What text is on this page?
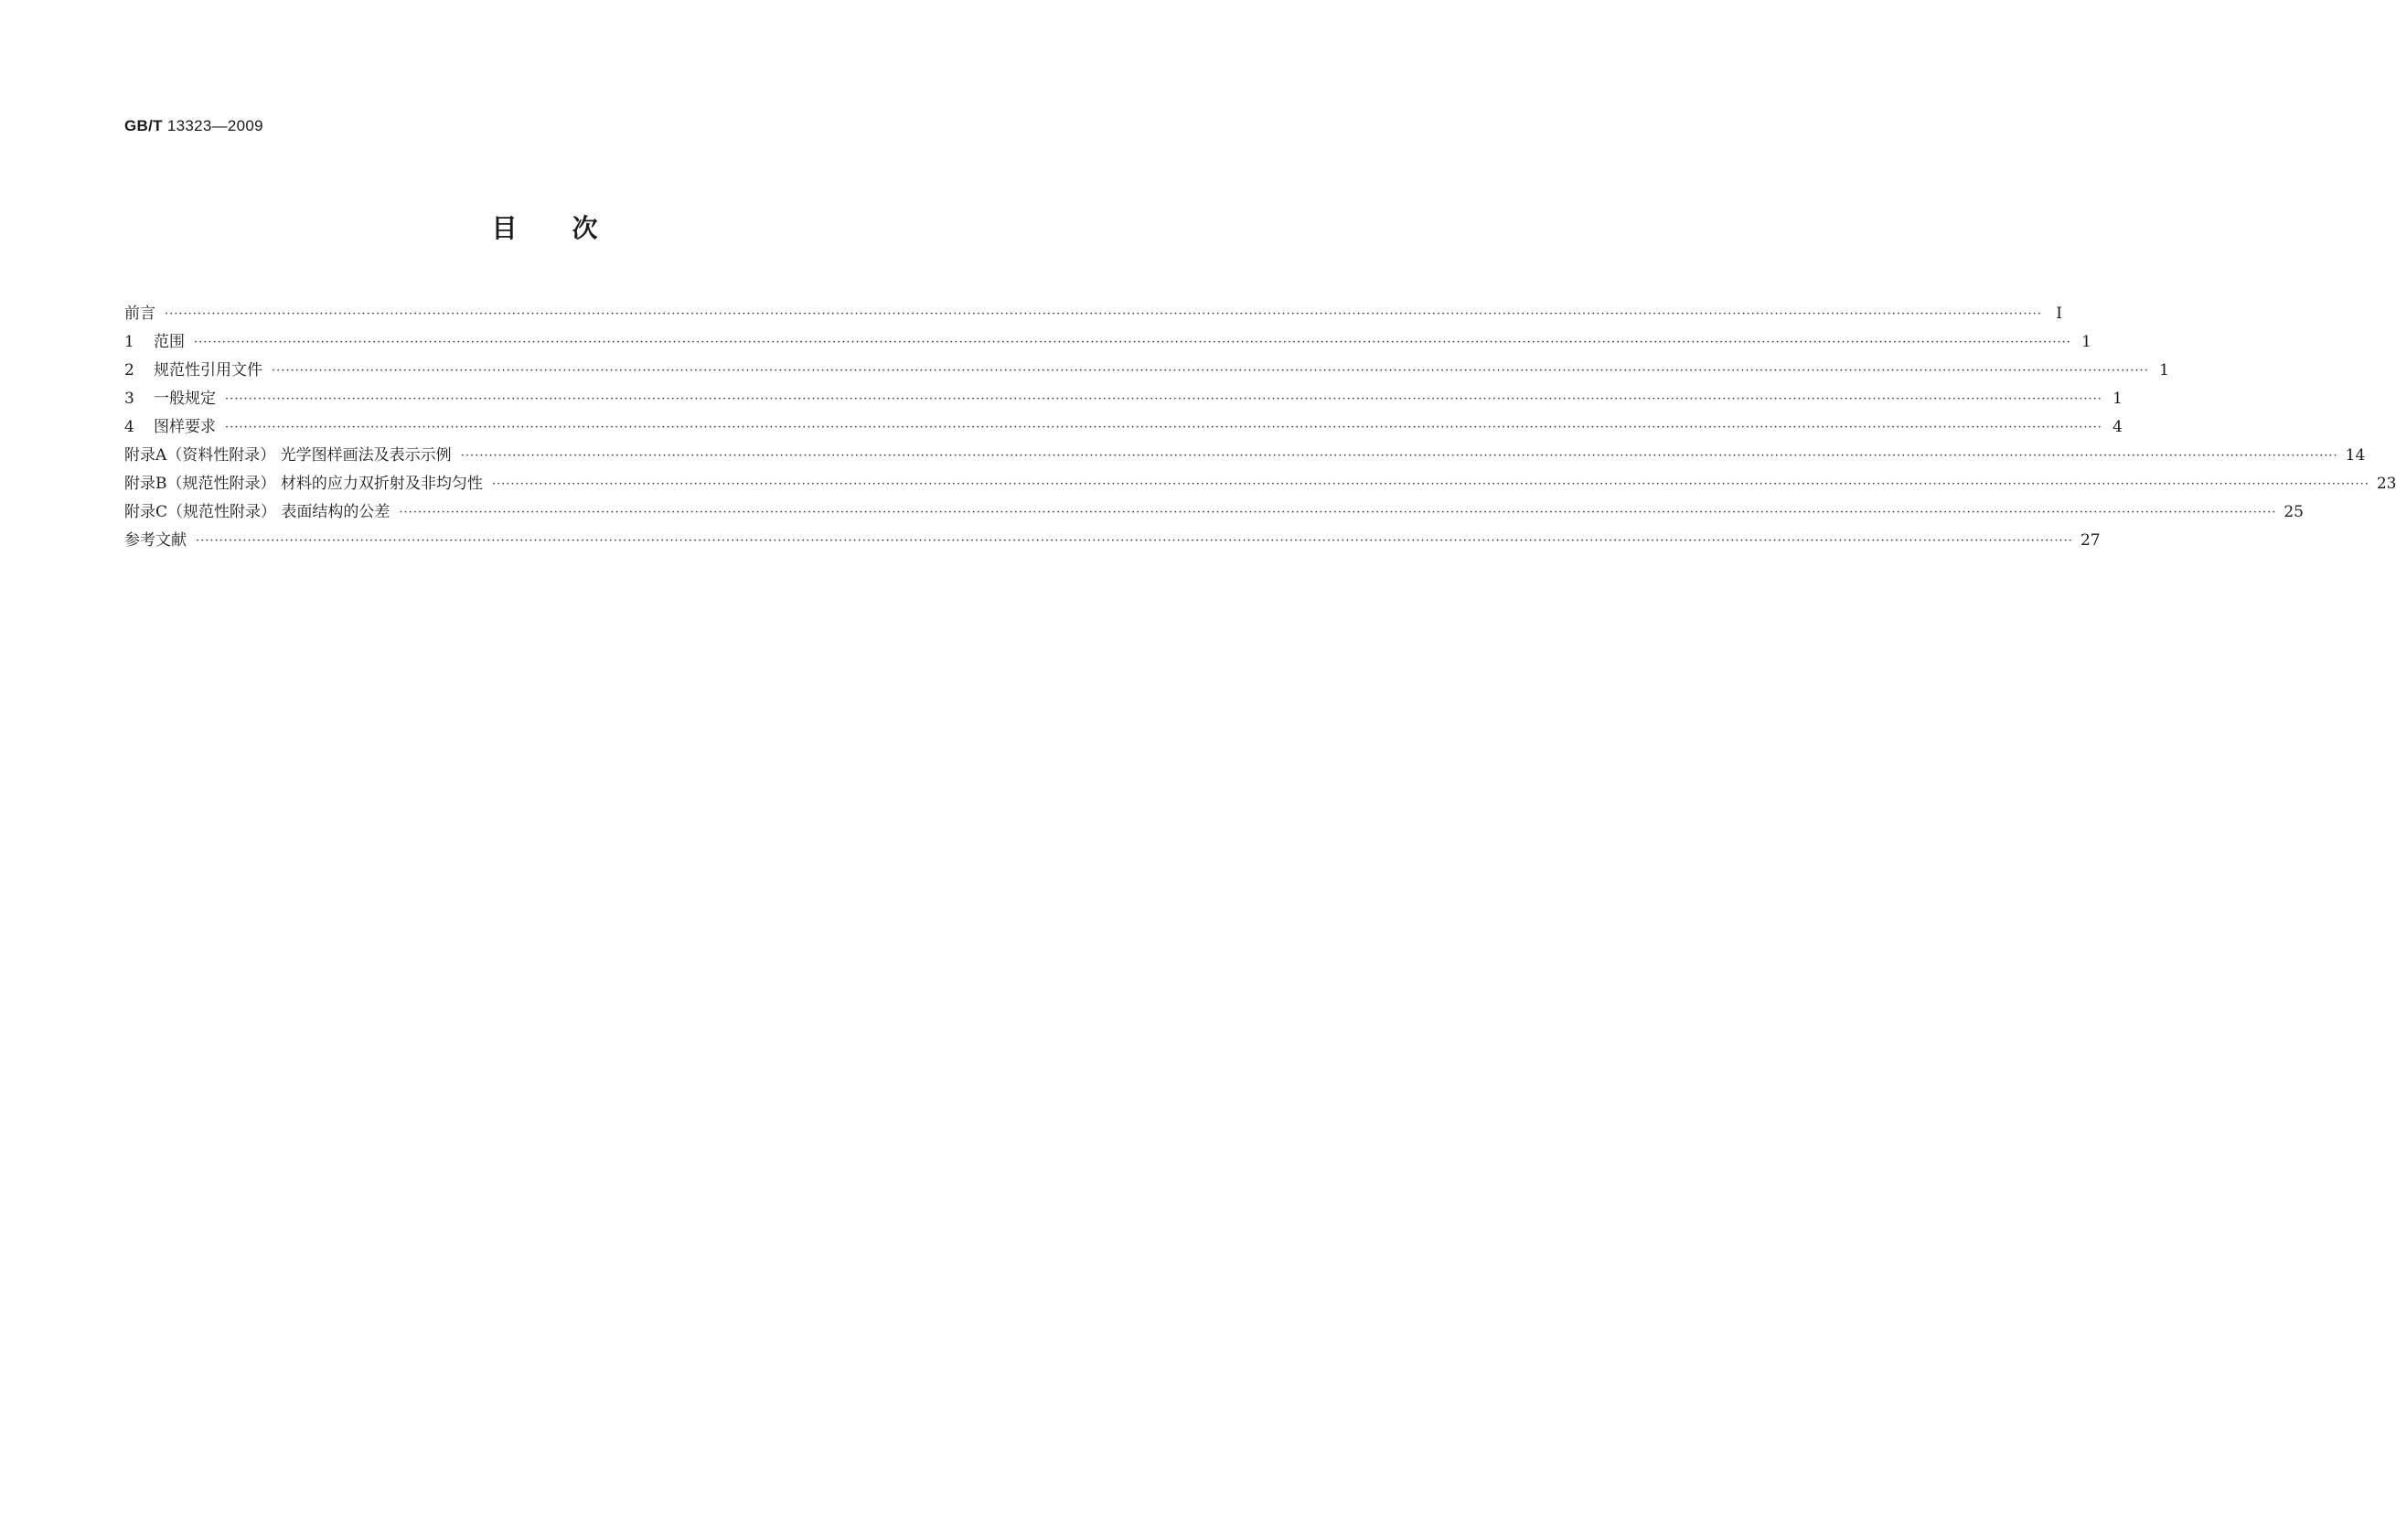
GB/T 13323—2009
目次
前言 ················································································································································································································································································································································································································ Ⅰ
1 范围 ················································································································································································································································································································································································································ 1
2 规范性引用文件 ················································································································································································································································································································································································································ 1
3 一般规定 ················································································································································································································································································································································································································ 1
4 图样要求 ················································································································································································································································································································································································································ 4
附录A（资料性附录） 光学图样画法及表示示例 ················································································································································································································································································································································································································ 14
附录B（规范性附录） 材料的应力双折射及非均匀性 ················································································································································································································································································································································································································ 23
附录C（规范性附录） 表面结构的公差 ················································································································································································································································································································································································································ 25
参考文献 ················································································································································································································································································································································································································ 27
